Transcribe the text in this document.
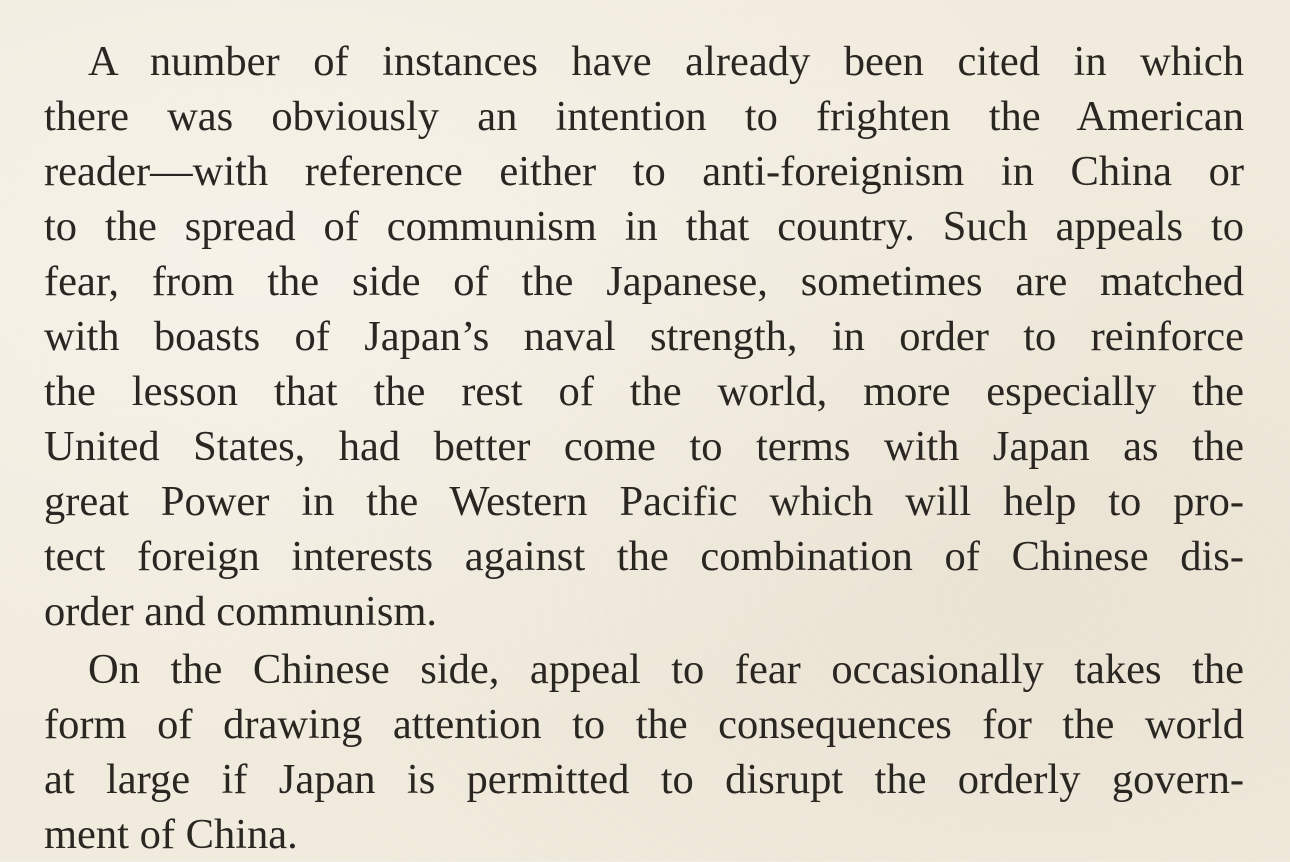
A number of instances have already been cited in which
there was obviously an intention to frighten the American
reader—with reference either to anti-foreignism in China or
to the spread of communism in that country. Such appeals to
fear, from the side of the Japanese, sometimes are matched
with boasts of Japan’s naval strength, in order to reinforce
the lesson that the rest of the world, more especially the
United States, had better come to terms with Japan as the
great Power in the Western Pacific which will help to pro-
tect foreign interests against the combination of Chinese dis-
order and communism.
On the Chinese side, appeal to fear occasionally takes the
form of drawing attention to the consequences for the world
at large if Japan is permitted to disrupt the orderly govern-
ment of China.
